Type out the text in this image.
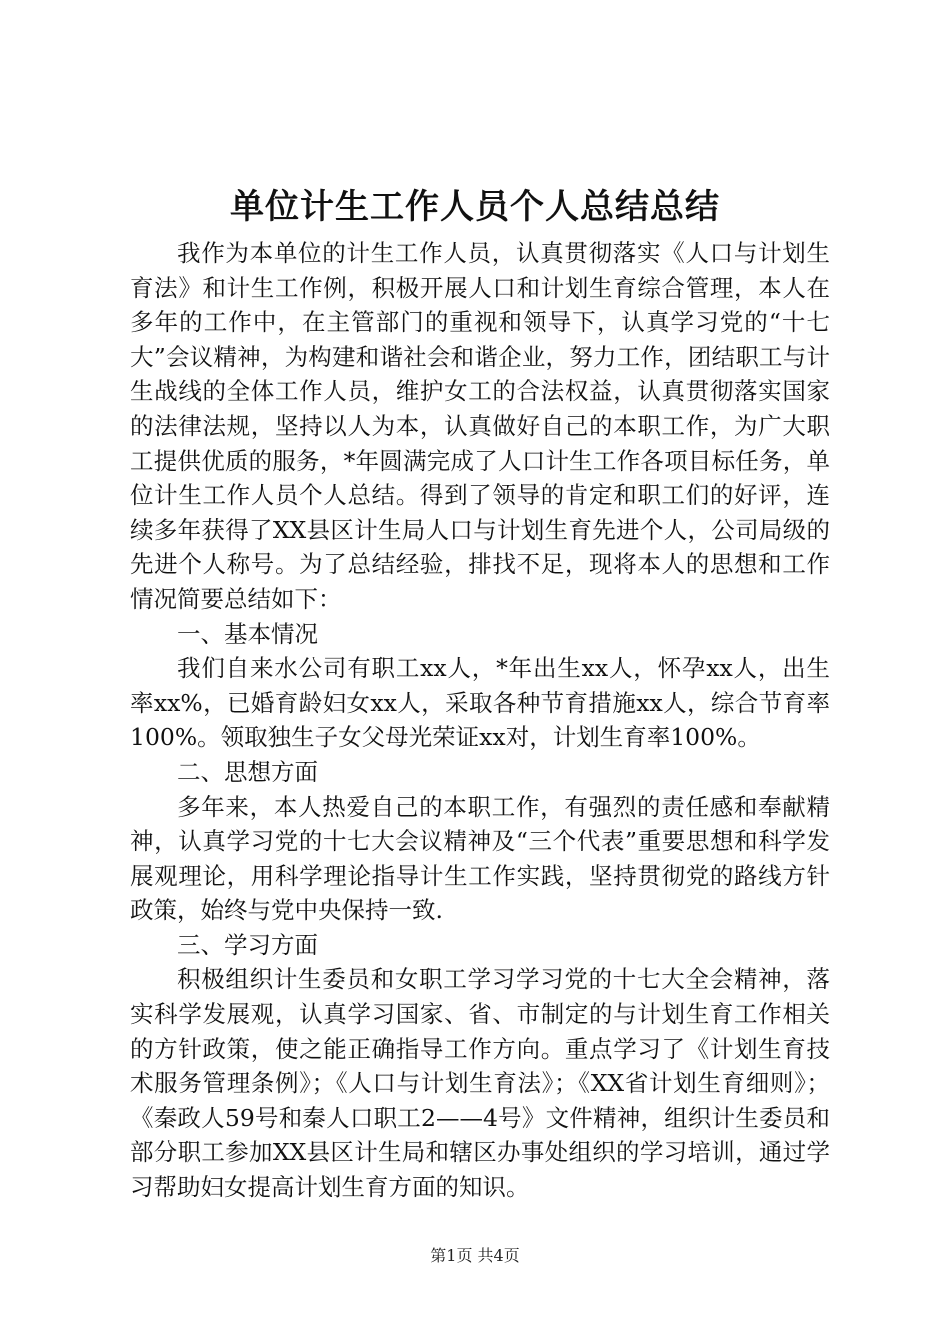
单位计生工作人员个人总结总结

我作为本单位的计生工作人员，认真贯彻落实《人口与计划生育法》和计生工作例，积极开展人口和计划生育综合管理，本人在多年的工作中，在主管部门的重视和领导下，认真学习党的“十七大”会议精神，为构建和谐社会和谐企业，努力工作，团结职工与计生战线的全体工作人员，维护女工的合法权益，认真贯彻落实国家的法律法规，坚持以人为本，认真做好自己的本职工作，为广大职工提供优质的服务，*年圆满完成了人口计生工作各项目标任务，单位计生工作人员个人总结。得到了领导的肯定和职工们的好评，连续多年获得了XX县区计生局人口与计划生育先进个人，公司局级的先进个人称号。为了总结经验，排找不足，现将本人的思想和工作情况简要总结如下：

一、基本情况

我们自来水公司有职工xx人，*年出生xx人，怀孕xx人，出生率xx%，已婚育龄妇女xx人，采取各种节育措施xx人，综合节育率100%。领取独生子女父母光荣证xx对，计划生育率100%。

二、思想方面

多年来，本人热爱自己的本职工作，有强烈的责任感和奉献精神，认真学习党的十七大会议精神及“三个代表”重要思想和科学发展观理论，用科学理论指导计生工作实践，坚持贯彻党的路线方针政策，始终与党中央保持一致.

三、学习方面

积极组织计生委员和女职工学习学习党的十七大全会精神，落实科学发展观，认真学习国家、省、市制定的与计划生育工作相关的方针政策，使之能正确指导工作方向。重点学习了《计划生育技术服务管理条例》；《人口与计划生育法》；《XX省计划生育细则》；《秦政人59号和秦人口职工2——4号》文件精神，组织计生委员和部分职工参加XX县区计生局和辖区办事处组织的学习培训，通过学习帮助妇女提高计划生育方面的知识。

第1页 共4页
